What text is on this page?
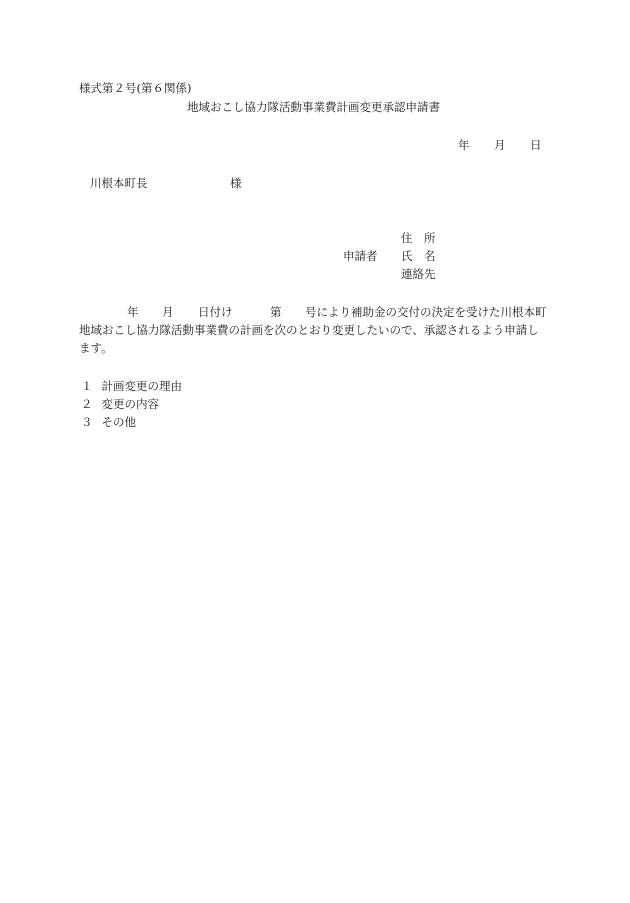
様式第２号(第６関係)
地域おこし協力隊活動事業費計画変更承認申請書
年 月 日
川根本町長	様
住　所
申請者 氏　名
連絡先
年 月 日付け	第 号により補助金の交付の決定を受けた川根本町
地域おこし協力隊活動事業費の計画を次のとおり変更したいので、承認されるよう申請し
ます。
１ 計画変更の理由
２ 変更の内容
３ その他
